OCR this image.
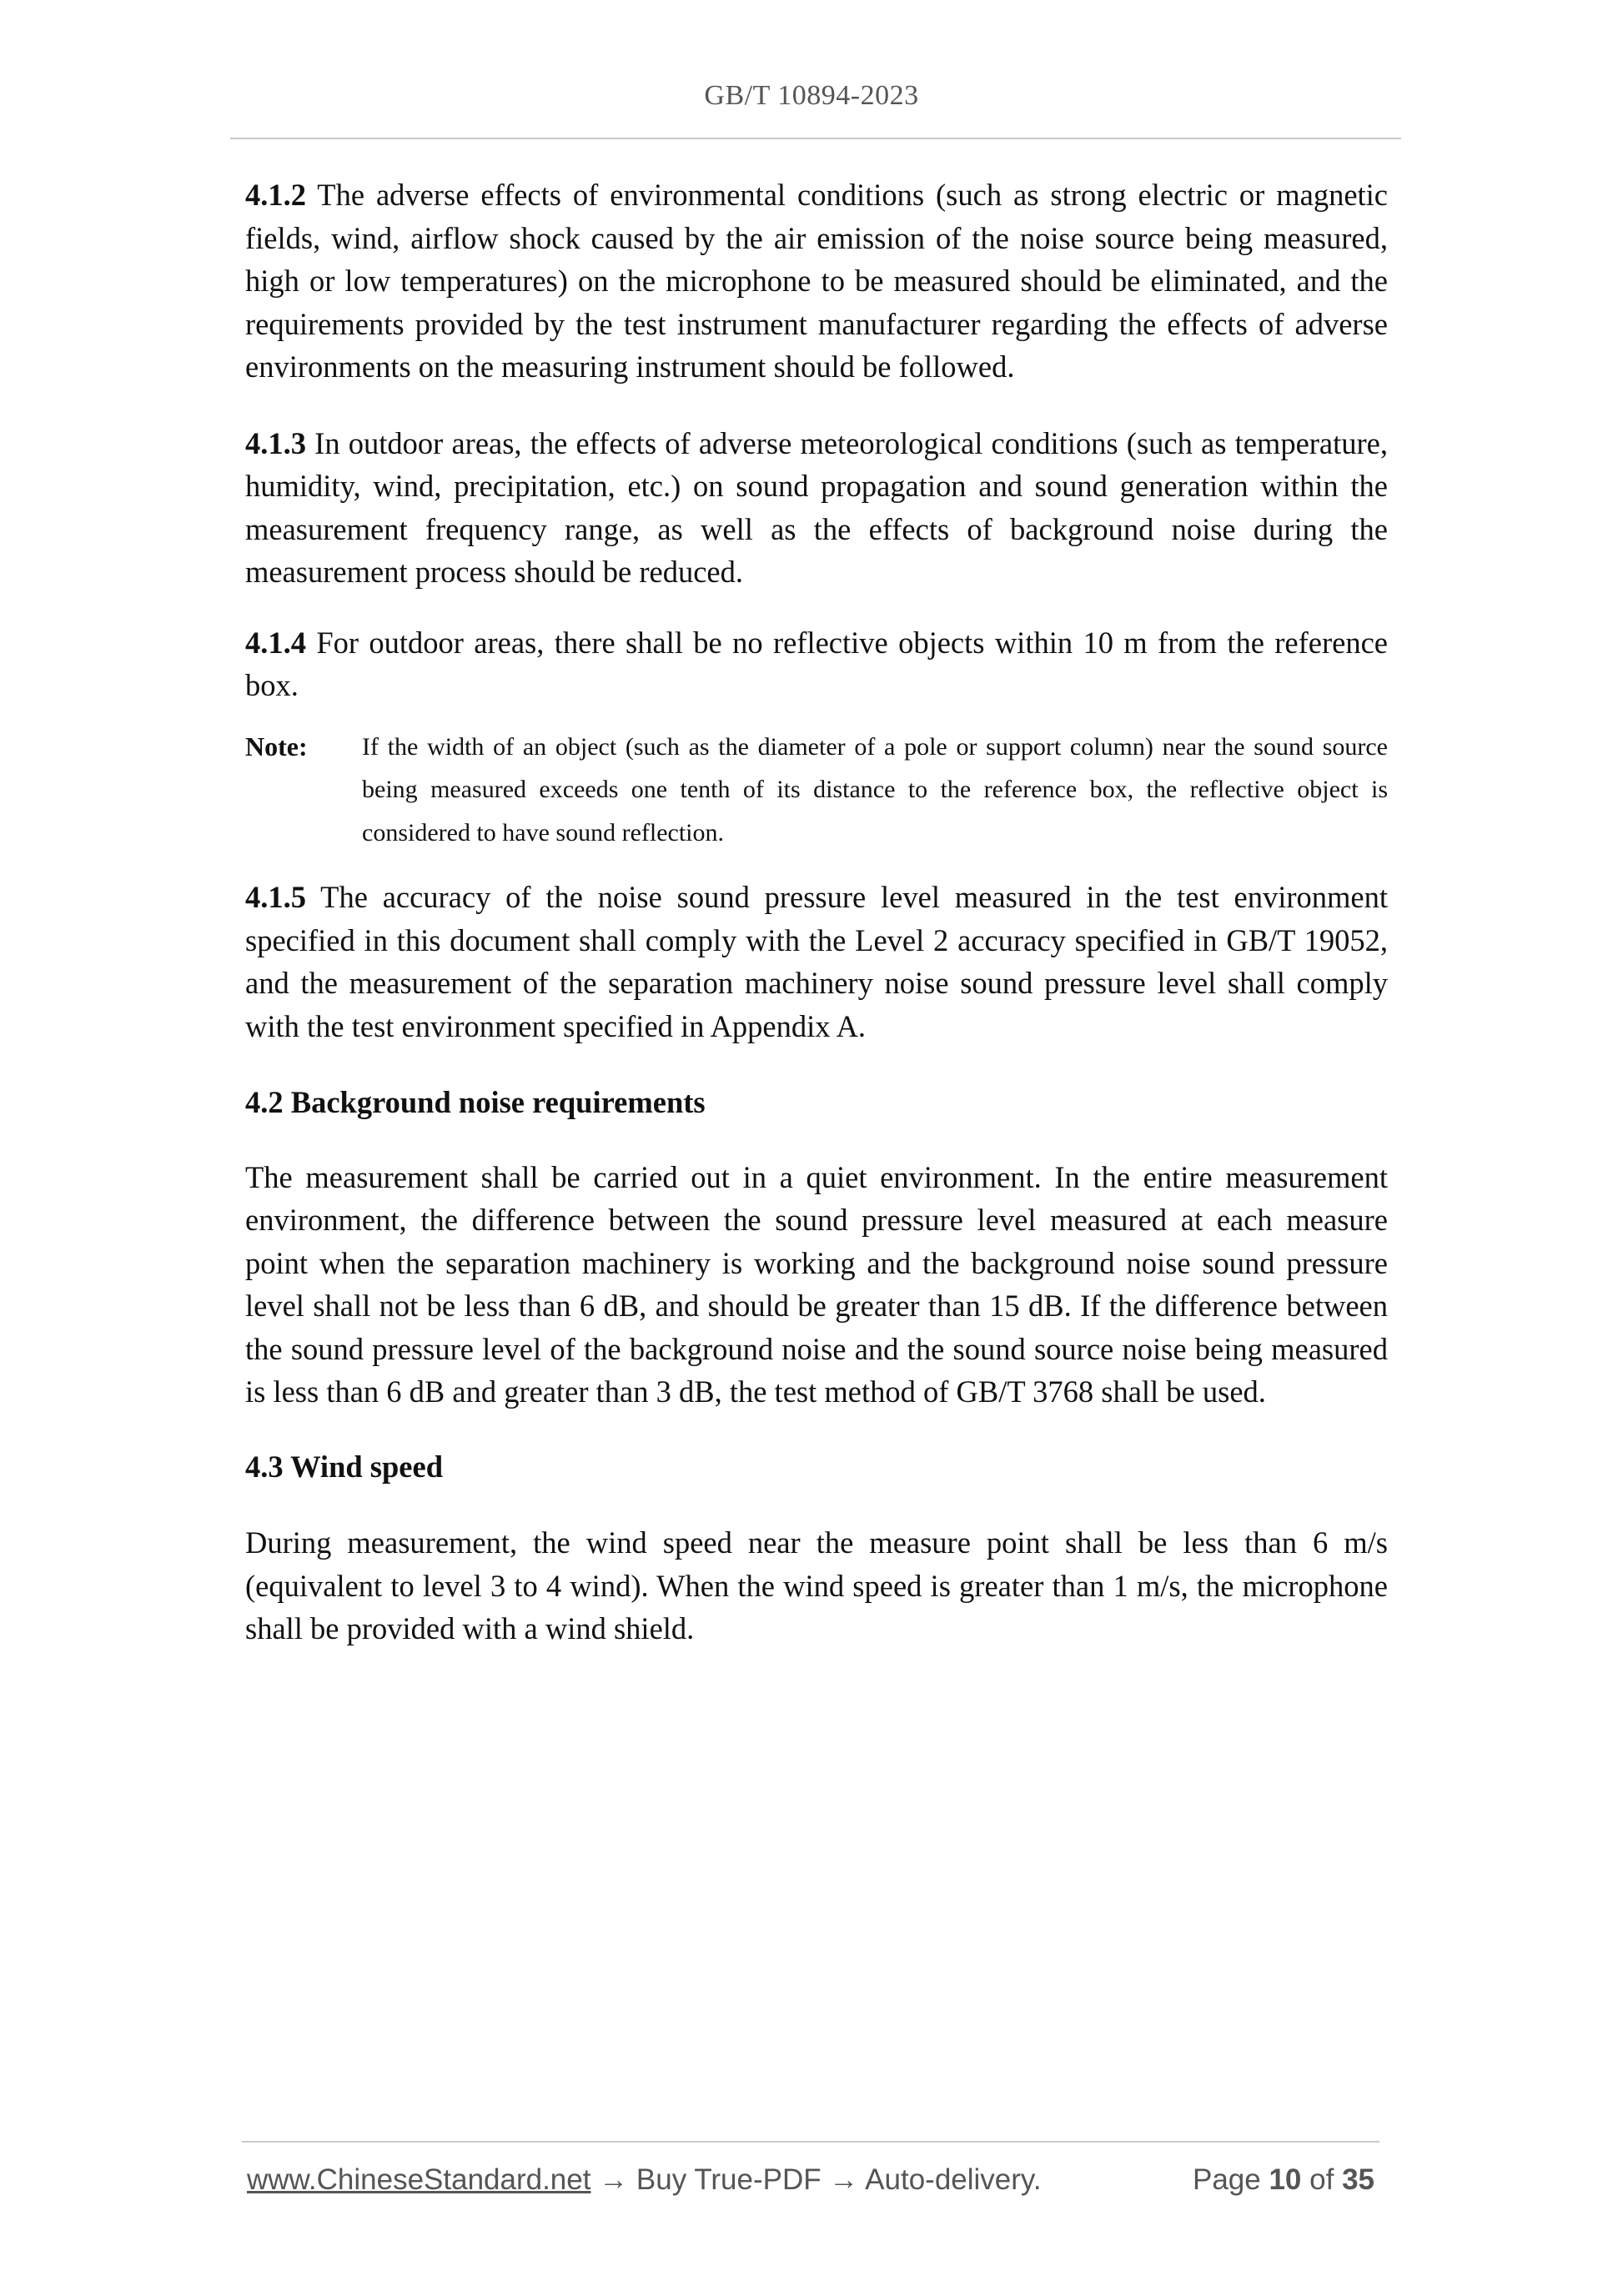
GB/T 10894-2023

4.1.2 The adverse effects of environmental conditions (such as strong electric or magnetic fields, wind, airflow shock caused by the air emission of the noise source being measured, high or low temperatures) on the microphone to be measured should be eliminated, and the requirements provided by the test instrument manufacturer regarding the effects of adverse environments on the measuring instrument should be followed.

4.1.3 In outdoor areas, the effects of adverse meteorological conditions (such as temperature, humidity, wind, precipitation, etc.) on sound propagation and sound generation within the measurement frequency range, as well as the effects of background noise during the measurement process should be reduced.

4.1.4 For outdoor areas, there shall be no reflective objects within 10 m from the reference box.

Note:	If the width of an object (such as the diameter of a pole or support column) near the sound source being measured exceeds one tenth of its distance to the reference box, the reflective object is considered to have sound reflection.

4.1.5 The accuracy of the noise sound pressure level measured in the test environment specified in this document shall comply with the Level 2 accuracy specified in GB/T 19052, and the measurement of the separation machinery noise sound pressure level shall comply with the test environment specified in Appendix A.

4.2 Background noise requirements

The measurement shall be carried out in a quiet environment. In the entire measurement environment, the difference between the sound pressure level measured at each measure point when the separation machinery is working and the background noise sound pressure level shall not be less than 6 dB, and should be greater than 15 dB. If the difference between the sound pressure level of the background noise and the sound source noise being measured is less than 6 dB and greater than 3 dB, the test method of GB/T 3768 shall be used.

4.3 Wind speed

During measurement, the wind speed near the measure point shall be less than 6 m/s (equivalent to level 3 to 4 wind). When the wind speed is greater than 1 m/s, the microphone shall be provided with a wind shield.

www.ChineseStandard.net → Buy True-PDF → Auto-delivery.	Page 10 of 35
